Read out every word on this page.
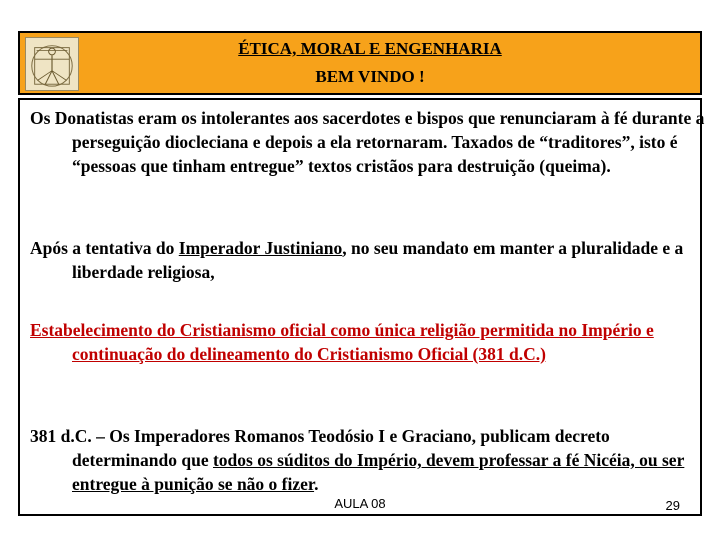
ÉTICA, MORAL E ENGENHARIA
BEM VINDO !
Os Donatistas eram os intolerantes aos sacerdotes e bispos que renunciaram à fé durante a perseguição diocleciana e depois a ela retornaram. Taxados de “traditores”, isto é “pessoas que tinham entregue” textos cristãos para destruição (queima).
Após a tentativa do Imperador Justiniano, no seu mandato em manter a pluralidade e a liberdade religiosa,
Estabelecimento do Cristianismo oficial como única religião permitida no Império e continuação do delineamento do Cristianismo Oficial (381 d.C.)
381 d.C. – Os Imperadores Romanos Teodósio I e Graciano, publicam decreto determinando que todos os súditos do Império, devem professar a fé Nicéia, ou ser entregue à punição se não o fizer.
AULA 08	29
